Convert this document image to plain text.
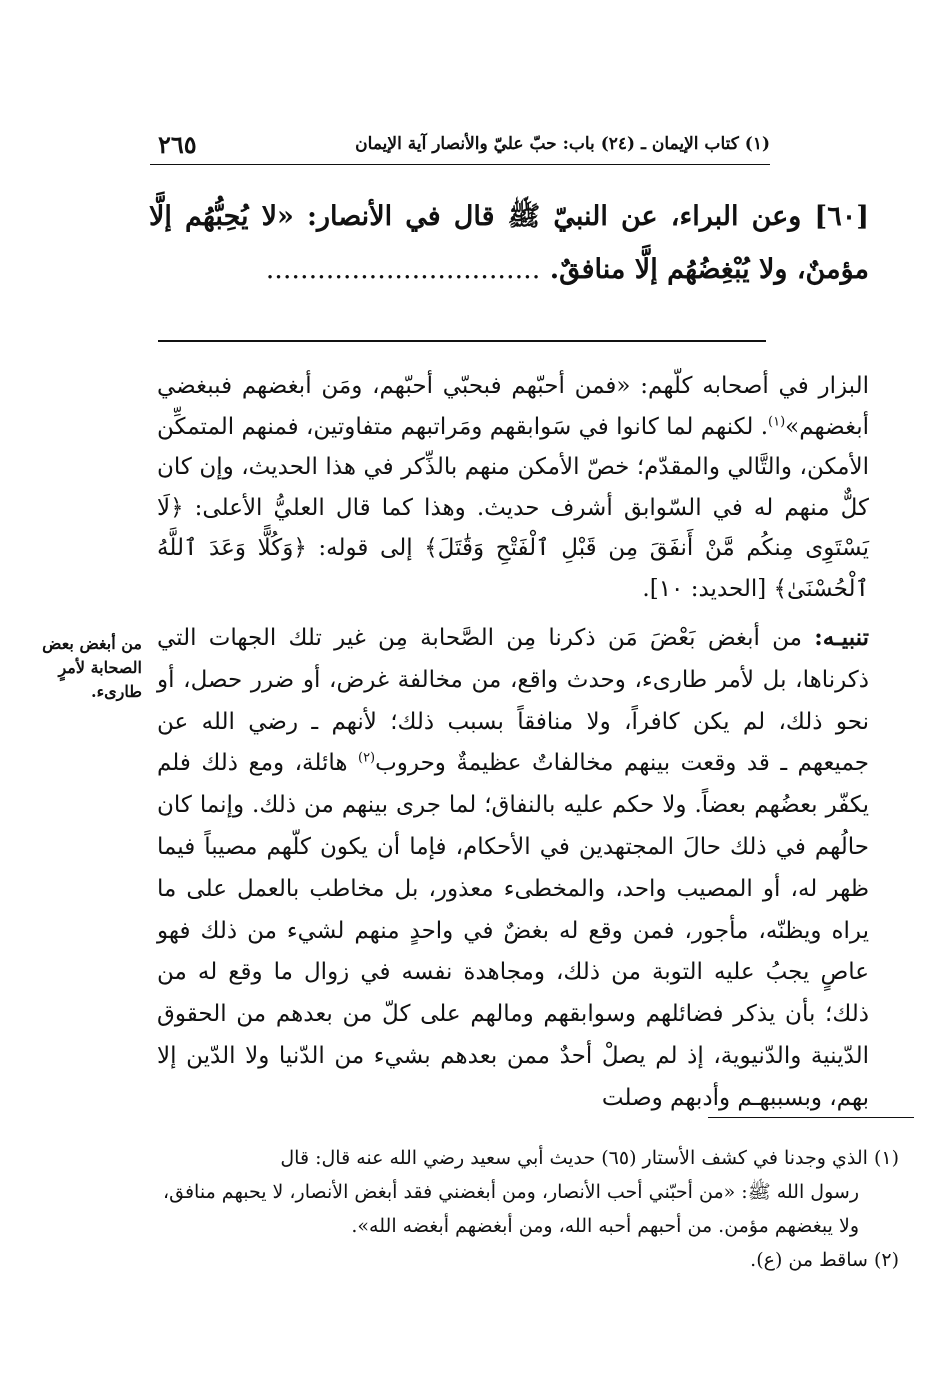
(١) كتاب الإيمان ـ (٢٤) باب: حبّ عليّ والأنصار آية الإيمان
٢٦٥
[٦٠] وعن البراء، عن النبيّ ﷺ قال في الأنصار: «لا يُحِبُّهُم إلَّا مؤمنٌ، ولا يُبْغِضُهُم إلَّا منافقٌ. ................................
البزار في أصحابه كلّهم: «فمن أحبّهم فبحبّي أحبّهم، ومَن أبغضهم فببغضي أبغضهم»$^{(١)}$. لكنهم لما كانوا في سَوابقهم ومَراتبهم متفاوتين، فمنهم المتمكِّن الأمكن، والتَّالي والمقدّم؛ خصّ الأمكن منهم بالذِّكر في هذا الحديث، وإن كان كلٌّ منهم له في السّوابق أشرف حديث. وهذا كما قال العليُّ الأعلى: ﴿لَا يَسْتَوِى مِنكُم مَّنْ أَنفَقَ مِن قَبْلِ ٱلْفَتْحِ وَقَٰتَلَ﴾ إلى قوله: ﴿وَكُلًّا وَعَدَ ٱللَّهُ ٱلْحُسْنَىٰ﴾ [الحديد: ١٠].
تنبيـه: من أبغض بَعْضَ مَن ذكرنا مِن الصَّحابة مِن غير تلك الجهات التي ذكرناها، بل لأمر طارىء، وحدث واقع، من مخالفة غرض، أو ضرر حصل، أو نحو ذلك، لم يكن كافراً، ولا منافقاً بسبب ذلك؛ لأنهم ـ رضي الله عن جميعهم ـ قد وقعت بينهم مخالفاتٌ عظيمةٌ وحروب$^{(٢)}$ هائلة، ومع ذلك فلم يكفّر بعضُهم بعضاً. ولا حكم عليه بالنفاق؛ لما جرى بينهم من ذلك. وإنما كان حالُهم في ذلك حالَ المجتهدين في الأحكام، فإما أن يكون كلّهم مصيباً فيما ظهر له، أو المصيب واحد، والمخطىء معذور، بل مخاطب بالعمل على ما يراه ويظنّه، مأجور، فمن وقع له بغضٌ في واحدٍ منهم لشيء من ذلك فهو عاصٍ يجبُ عليه التوبة من ذلك، ومجاهدة نفسه في زوال ما وقع له من ذلك؛ بأن يذكر فضائلهم وسوابقهم ومالهم على كلّ من بعدهم من الحقوق الدّينية والدّنيوية، إذ لم يصلْ أحدٌ ممن بعدهم بشيء من الدّنيا ولا الدّين إلا بهم، وبسببهـم وأدبهم وصلت
من أبغض بعض الصحابة لأمرٍ طارىء.

(١) الذي وجدنا في كشف الأستار (٦٥) حديث أبي سعيد رضي الله عنه قال: قال

رسول الله ﷺ: «من أحبّني أحب الأنصار، ومن أبغضني فقد أبغض الأنصار، لا يحبهم منافق، ولا يبغضهم مؤمن. من أحبهم أحبه الله، ومن أبغضهم أبغضه الله».

(٢) ساقط من (ع).
